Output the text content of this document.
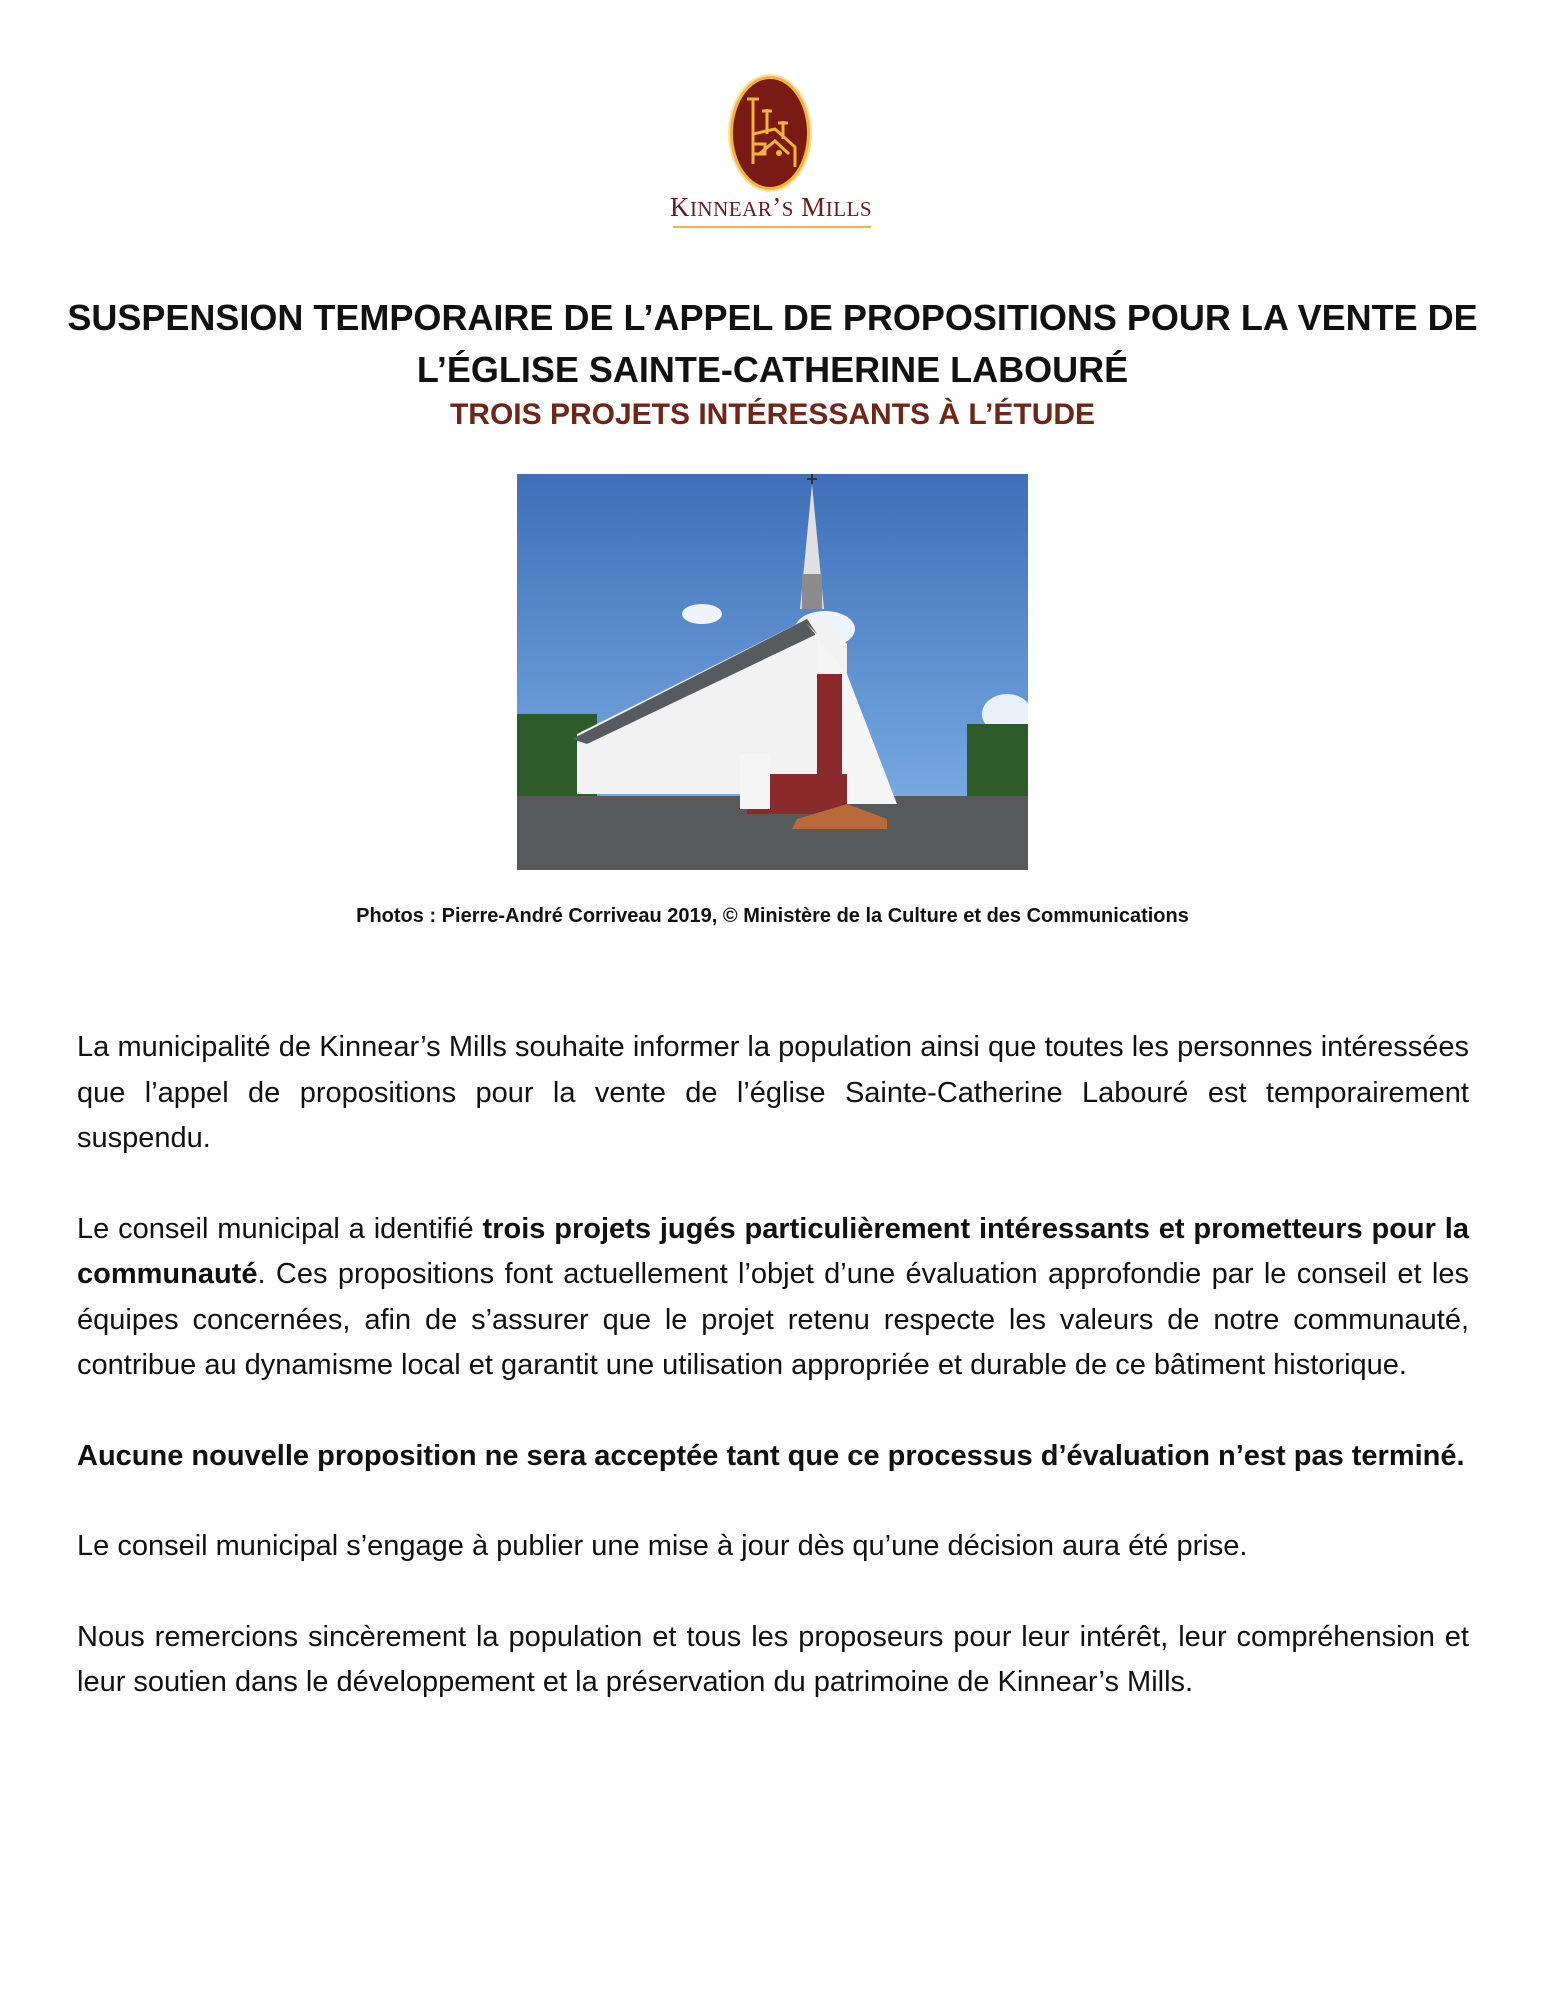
KINNEAR’S MILLS
SUSPENSION TEMPORAIRE DE L’APPEL DE PROPOSITIONS POUR LA VENTE DE L’ÉGLISE SAINTE-CATHERINE LABOURÉ
TROIS PROJETS INTÉRESSANTS À L’ÉTUDE
Photos : Pierre-André Corriveau 2019, © Ministère de la Culture et des Communications

La municipalité de Kinnear’s Mills souhaite informer la population ainsi que toutes les personnes intéressées que l’appel de propositions pour la vente de l’église Sainte-Catherine Labouré est temporairement suspendu.

Le conseil municipal a identifié trois projets jugés particulièrement intéressants et prometteurs pour la communauté. Ces propositions font actuellement l’objet d’une évaluation approfondie par le conseil et les équipes concernées, afin de s’assurer que le projet retenu respecte les valeurs de notre communauté, contribue au dynamisme local et garantit une utilisation appropriée et durable de ce bâtiment historique.

Aucune nouvelle proposition ne sera acceptée tant que ce processus d’évaluation n’est pas terminé.

Le conseil municipal s’engage à publier une mise à jour dès qu’une décision aura été prise.

Nous remercions sincèrement la population et tous les proposeurs pour leur intérêt, leur compréhension et leur soutien dans le développement et la préservation du patrimoine de Kinnear’s Mills.
